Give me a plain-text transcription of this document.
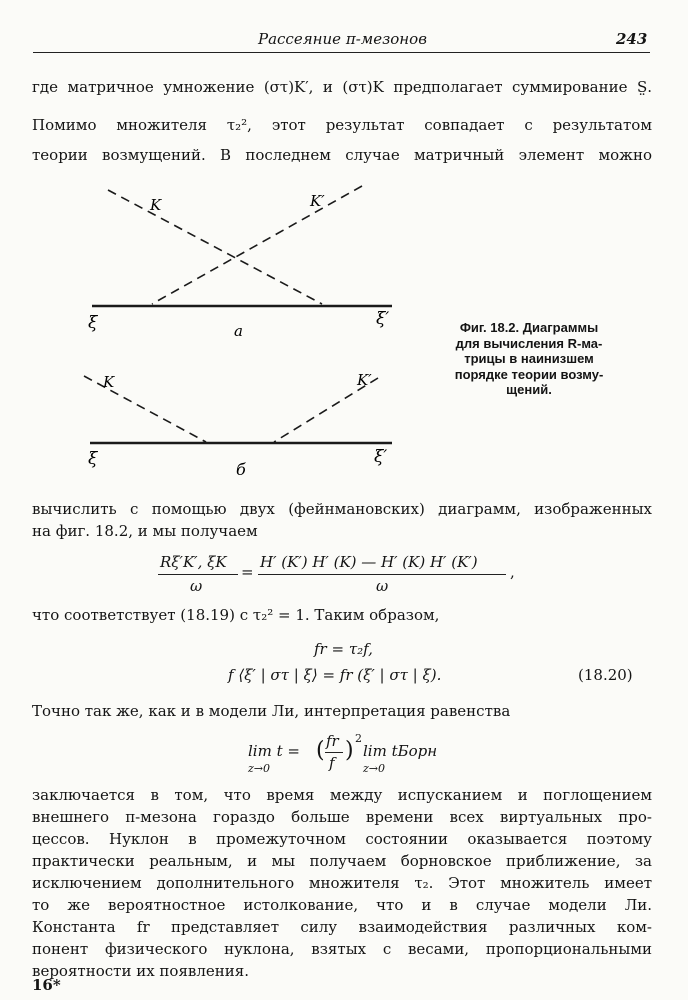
Рассеяние π-мезонов	243
где матричное умножение (στ)K′, и (στ)K предполагает суммирование S̤.
Помимо множителя τ₂², этот результат совпадает с результатом
теории возмущений. В последнем случае матричный элемент можно
K	K′
ξ	ξ′
a
K	K′
ξ	ξ′
б
Фиг. 18.2. Диаграммы
для вычисления R-ма-
трицы в наинизшем
порядке теории возму-
щений.
вычислить с помощью двух (фейнмановских) диаграмм, изображенных
на фиг. 18.2, и мы получаем
Rξ′K′, ξK
ω
=
H′ (K′) H′ (K) — H′ (K) H′ (K′)
ω
,
что соответствует (18.19) с τ₂² = 1. Таким образом,
fr = τ₂f,
f ⟨ξ′ | στ | ξ⟩ = fr (ξ′ | στ | ξ).	(18.20)
Точно так же, как и в модели Ли, интерпретация равенства
lim t =
z→0
( fr
f ) 2
lim tБорн
z→0
заключается в том, что время между испусканием и поглощением
внешнего π-мезона гораздо больше времени всех виртуальных про-
цессов. Нуклон в промежуточном состоянии оказывается поэтому
практически реальным, и мы получаем борновское приближение, за
исключением дополнительного множителя τ₂. Этот множитель имеет
то же вероятностное истолкование, что и в случае модели Ли.
Константа fr представляет силу взаимодействия различных ком-
понент физического нуклона, взятых с весами, пропорциональными
вероятности их появления.
16*
